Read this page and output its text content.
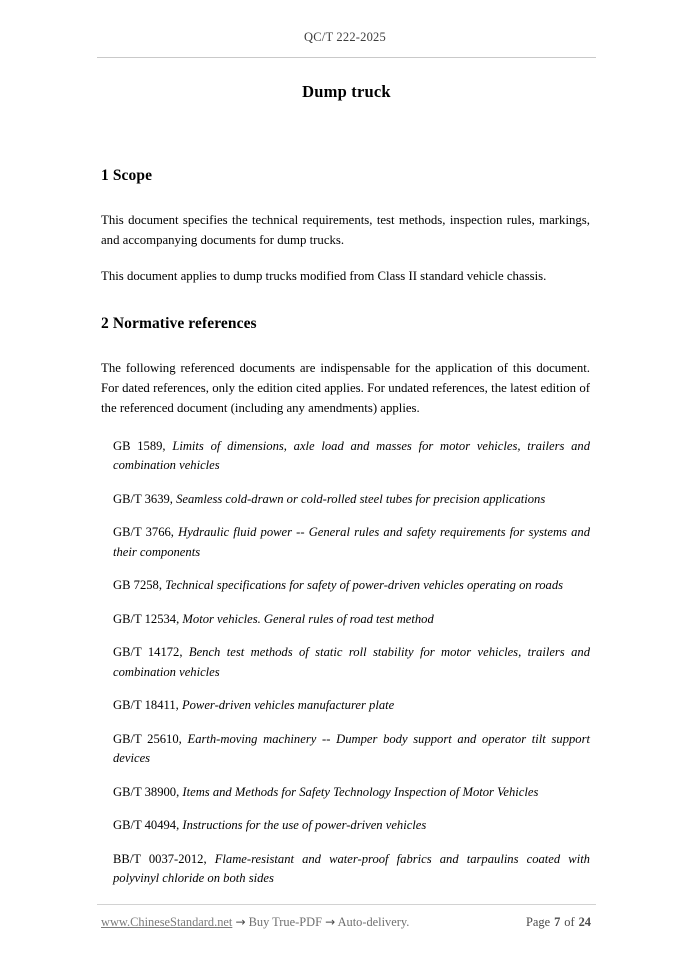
QC/T 222-2025
Dump truck
1 Scope

This document specifies the technical requirements, test methods, inspection rules, markings, and accompanying documents for dump trucks.

This document applies to dump trucks modified from Class II standard vehicle chassis.

2 Normative references

The following referenced documents are indispensable for the application of this document. For dated references, only the edition cited applies. For undated references, the latest edition of the referenced document (including any amendments) applies.

GB 1589, Limits of dimensions, axle load and masses for motor vehicles, trailers and combination vehicles

GB/T 3639, Seamless cold-drawn or cold-rolled steel tubes for precision applications

GB/T 3766, Hydraulic fluid power -- General rules and safety requirements for systems and their components

GB 7258, Technical specifications for safety of power-driven vehicles operating on roads

GB/T 12534, Motor vehicles. General rules of road test method

GB/T 14172, Bench test methods of static roll stability for motor vehicles, trailers and combination vehicles

GB/T 18411, Power-driven vehicles manufacturer plate

GB/T 25610, Earth-moving machinery -- Dumper body support and operator tilt support devices

GB/T 38900, Items and Methods for Safety Technology Inspection of Motor Vehicles

GB/T 40494, Instructions for the use of power-driven vehicles

BB/T 0037-2012, Flame-resistant and water-proof fabrics and tarpaulins coated with polyvinyl chloride on both sides

www.ChineseStandard.net → Buy True-PDF → Auto-delivery.	Page 7 of 24
